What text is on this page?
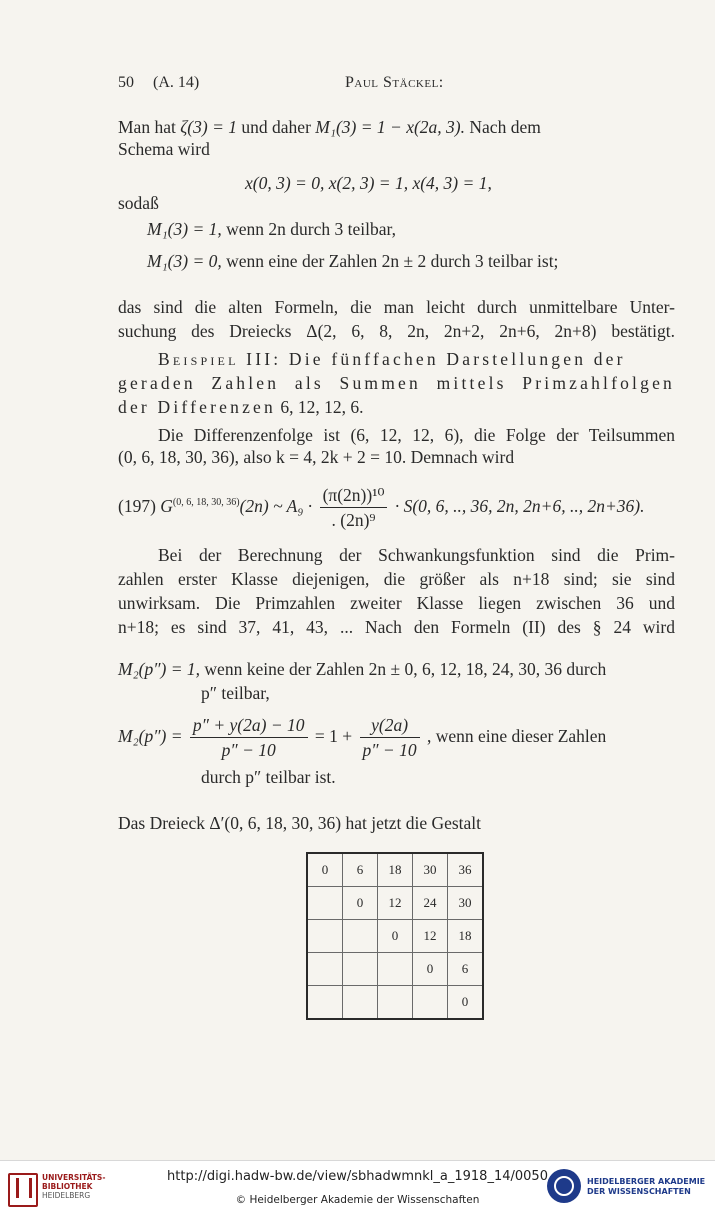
50 (A. 14)	Paul Stäckel:
Man hat ζ(3) = 1 und daher M₁(3) = 1 − x(2a, 3). Nach dem
Schema wird
x(0, 3) = 0, x(2, 3) = 1, x(4, 3) = 1,
sodaß
M₁(3) = 1, wenn 2n durch 3 teilbar,
M₁(3) = 0, wenn eine der Zahlen 2n ± 2 durch 3 teilbar ist;
das sind die alten Formeln, die man leicht durch unmittelbare Unter-
suchung des Dreiecks Δ(2, 6, 8, 2n, 2n+2, 2n+6, 2n+8) bestätigt.
Beispiel III: Die fünffachen Darstellungen der
geraden Zahlen als Summen mittels Primzahlfolgen
der Differenzen 6, 12, 12, 6.
Die Differenzenfolge ist (6, 12, 12, 6), die Folge der Teilsummen
(0, 6, 18, 30, 36), also k = 4, 2k + 2 = 10. Demnach wird
(197) G$^{(0, 6, 18, 30, 36)}$(2n) ~ $A_9 \cdot \frac{\text{(π(2n))¹⁰}}{\text{. (2n)⁹}} \cdot S(0$, 6, .., 36, 2n, 2n+6, .., 2n+36).
Bei der Berechnung der Schwankungsfunktion sind die Prim-
zahlen erster Klasse diejenigen, die größer als n+18 sind; sie sind
unwirksam. Die Primzahlen zweiter Klasse liegen zwischen 36 und
n+18; es sind 37, 41, 43, ... Nach den Formeln (II) des § 24 wird
M₂(p″) = 1, wenn keine der Zahlen 2n ± 0, 6, 12, 18, 24, 30, 36 durch
p″ teilbar,
$M_2(p'') = \frac{p'' + y(2a) - 10}{p'' - 10} = 1 + \frac{y(2a)}{p'' - 10}$ , wenn eine dieser Zahlen
durch p″ teilbar ist.
Das Dreieck Δ′(0, 6, 18, 30, 36) hat jetzt die Gestalt
0	6	18	30	36
	0	12	24	30
		0	12	18
			0	6
				0
UNIVERSITÄTS-
BIBLIOTHEK
HEIDELBERG
http://digi.hadw-bw.de/view/sbhadwmnkl_a_1918_14/0050
© Heidelberger Akademie der Wissenschaften
HEIDELBERGER AKADEMIE
DER WISSENSCHAFTEN
